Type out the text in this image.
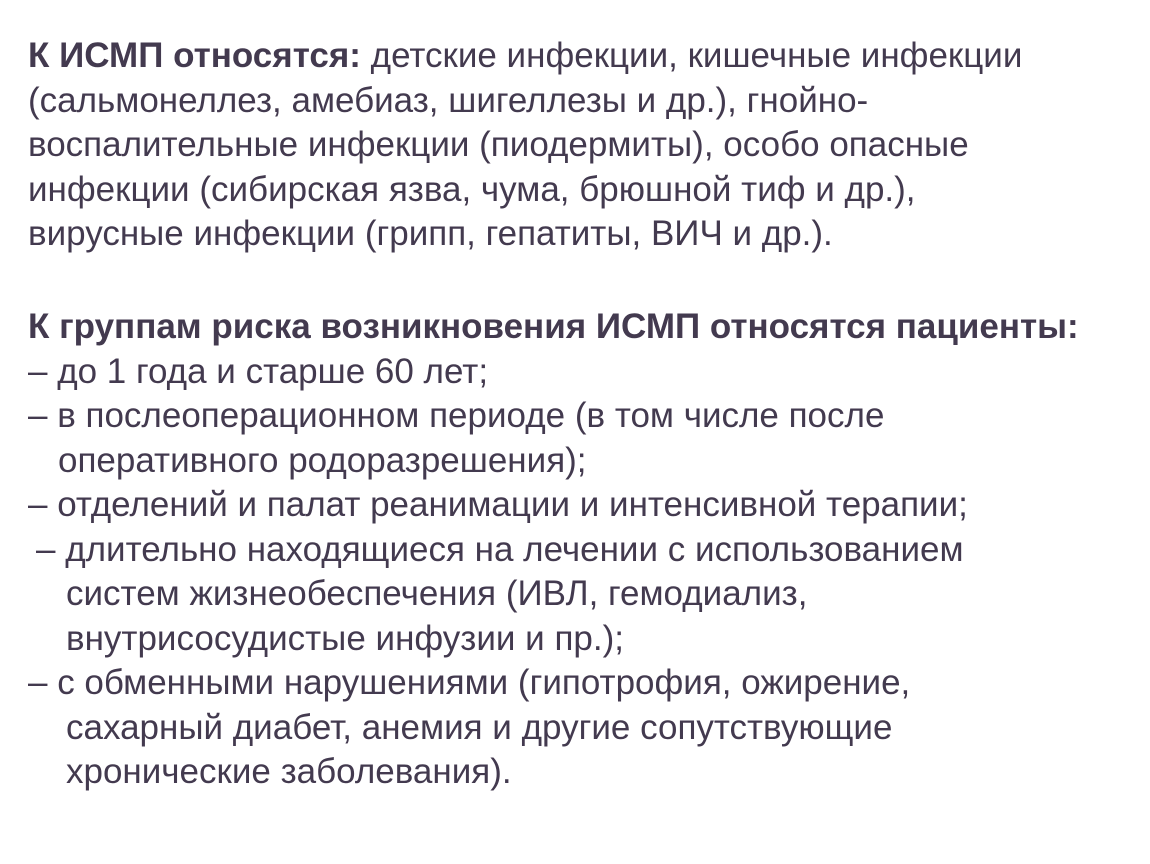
К ИСМП относятся: детские инфекции, кишечные инфекции
(сальмонеллез, амебиаз, шигеллезы и др.), гнойно-
воспалительные инфекции (пиодермиты), особо опасные
инфекции (сибирская язва, чума, брюшной тиф и др.),
вирусные инфекции (грипп, гепатиты, ВИЧ и др.).
К группам риска возникновения ИСМП относятся пациенты:
– до 1 года и старше 60 лет;
– в послеоперационном периоде (в том числе после
оперативного родоразрешения);
– отделений и палат реанимации и интенсивной терапии;
– длительно находящиеся на лечении с использованием
систем жизнеобеспечения (ИВЛ, гемодиализ,
внутрисосудистые инфузии и пр.);
– с обменными нарушениями (гипотрофия, ожирение,
сахарный диабет, анемия и другие сопутствующие
хронические заболевания).
